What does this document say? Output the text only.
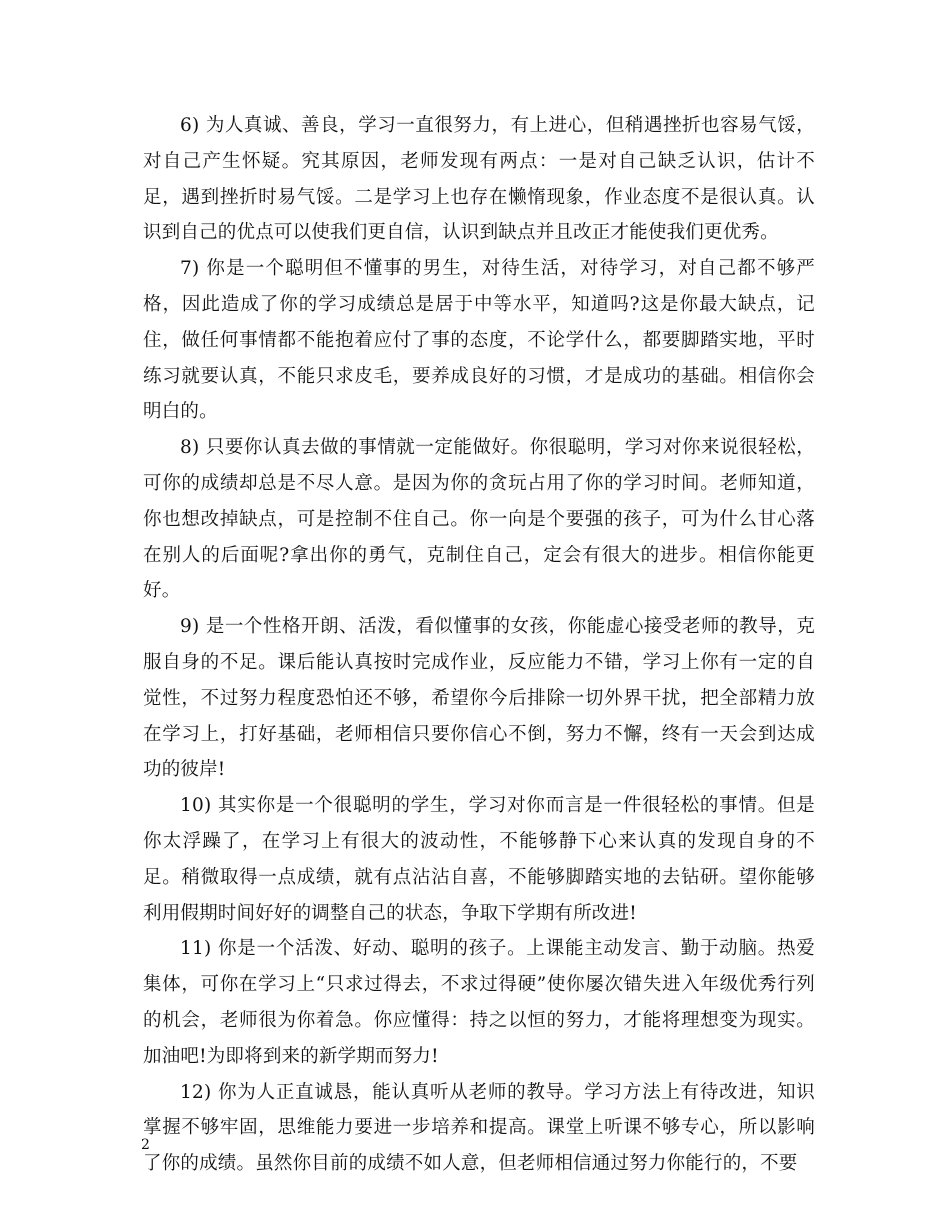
6) 为人真诚、善良，学习一直很努力，有上进心，但稍遇挫折也容易气馁，对自己产生怀疑。究其原因，老师发现有两点：一是对自己缺乏认识，估计不足，遇到挫折时易气馁。二是学习上也存在懒惰现象，作业态度不是很认真。认识到自己的优点可以使我们更自信，认识到缺点并且改正才能使我们更优秀。

7) 你是一个聪明但不懂事的男生，对待生活，对待学习，对自己都不够严格，因此造成了你的学习成绩总是居于中等水平，知道吗?这是你最大缺点，记住，做任何事情都不能抱着应付了事的态度，不论学什么，都要脚踏实地，平时练习就要认真，不能只求皮毛，要养成良好的习惯，才是成功的基础。相信你会明白的。

8) 只要你认真去做的事情就一定能做好。你很聪明，学习对你来说很轻松，可你的成绩却总是不尽人意。是因为你的贪玩占用了你的学习时间。老师知道，你也想改掉缺点，可是控制不住自己。你一向是个要强的孩子，可为什么甘心落在别人的后面呢?拿出你的勇气，克制住自己，定会有很大的进步。相信你能更好。

9) 是一个性格开朗、活泼，看似懂事的女孩，你能虚心接受老师的教导，克服自身的不足。课后能认真按时完成作业，反应能力不错，学习上你有一定的自觉性，不过努力程度恐怕还不够，希望你今后排除一切外界干扰，把全部精力放在学习上，打好基础，老师相信只要你信心不倒，努力不懈，终有一天会到达成功的彼岸!

10) 其实你是一个很聪明的学生，学习对你而言是一件很轻松的事情。但是你太浮躁了，在学习上有很大的波动性，不能够静下心来认真的发现自身的不足。稍微取得一点成绩，就有点沾沾自喜，不能够脚踏实地的去钻研。望你能够利用假期时间好好的调整自己的状态，争取下学期有所改进!

11) 你是一个活泼、好动、聪明的孩子。上课能主动发言、勤于动脑。热爱集体，可你在学习上“只求过得去，不求过得硬”使你屡次错失进入年级优秀行列的机会，老师很为你着急。你应懂得：持之以恒的努力，才能将理想变为现实。加油吧!为即将到来的新学期而努力!

12) 你为人正直诚恳，能认真听从老师的教导。学习方法上有待改进，知识掌握不够牢固，思维能力要进一步培养和提高。课堂上听课不够专心，所以影响了你的成绩。虽然你目前的成绩不如人意，但老师相信通过努力你能行的，不要

2
